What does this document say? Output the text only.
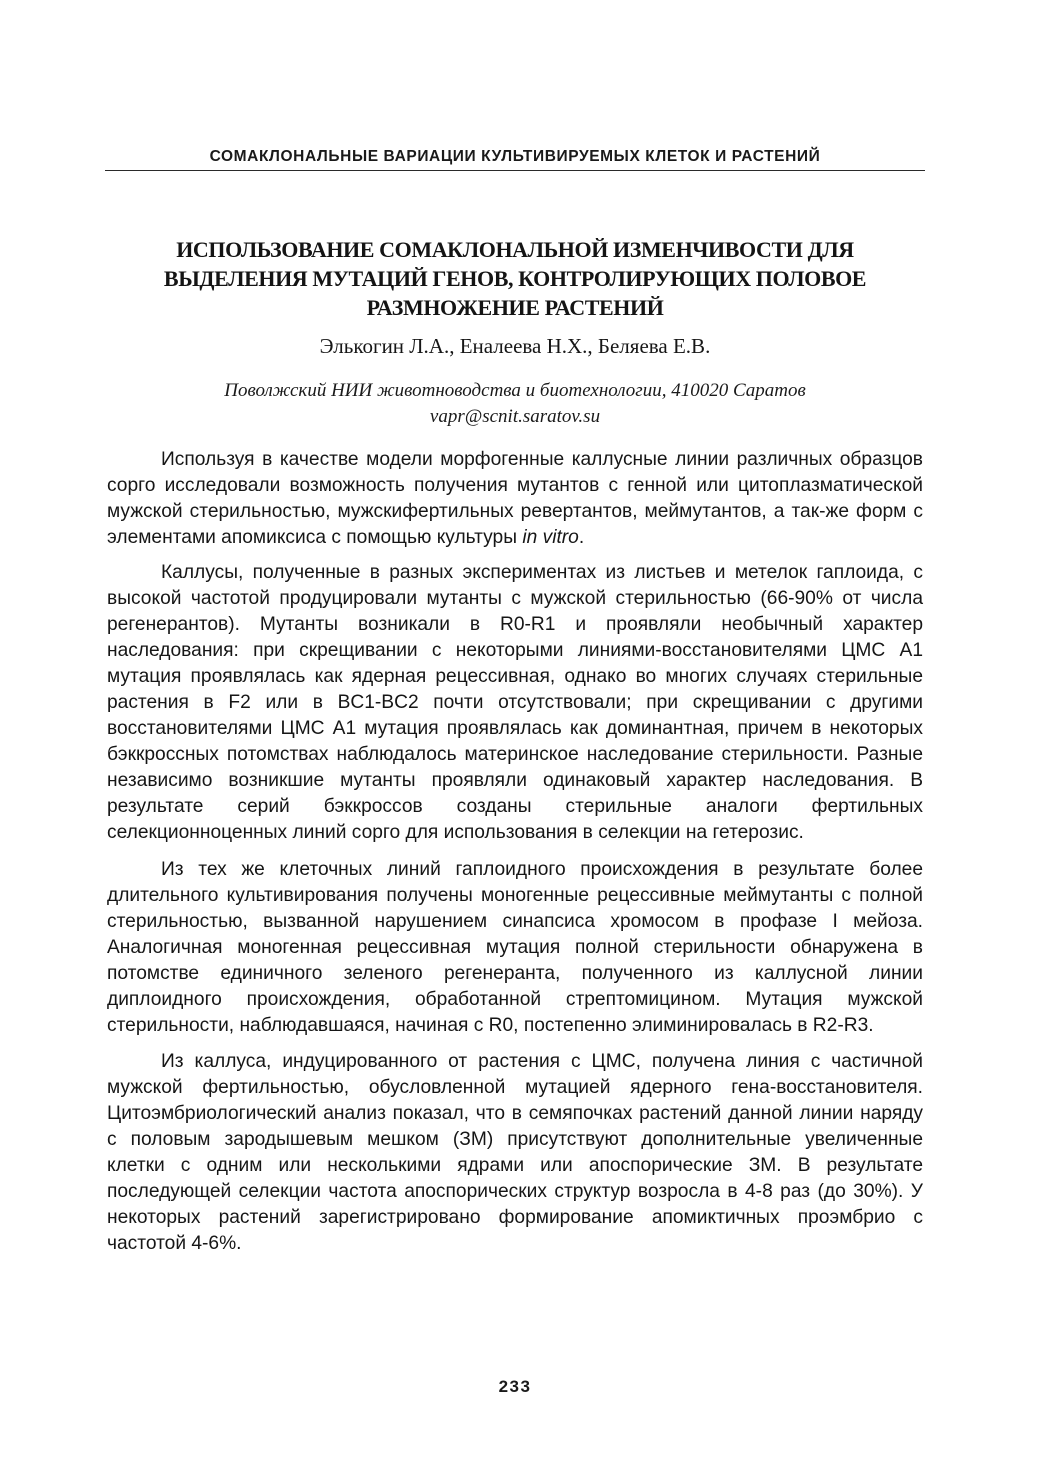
СОМАКЛОНАЛЬНЫЕ ВАРИАЦИИ КУЛЬТИВИРУЕМЫХ КЛЕТОК И РАСТЕНИЙ
ИСПОЛЬЗОВАНИЕ СОМАКЛОНАЛЬНОЙ ИЗМЕНЧИВОСТИ ДЛЯ
ВЫДЕЛЕНИЯ МУТАЦИЙ ГЕНОВ, КОНТРОЛИРУЮЩИХ ПОЛОВОЕ
РАЗМНОЖЕНИЕ РАСТЕНИЙ
Элькогин Л.А., Еналеева Н.Х., Беляева Е.В.
Поволжский НИИ животноводства и биотехнологии, 410020 Саратов
vapr@scnit.saratov.su

Используя в качестве модели морфогенные каллусные линии различных образцов сорго исследовали возможность получения мутантов с генной или цитоплазматической мужской стерильностью, мужскифертильных ревертантов, меймутантов, а так-же форм с элементами апомиксиса с помощью культуры in vitro.

Каллусы, полученные в разных экспериментах из листьев и метелок гаплоида, с высокой частотой продуцировали мутанты с мужской стерильностью (66-90% от числа регенерантов). Мутанты возникали в R0-R1 и проявляли необычный характер наследования: при скрещивании с некоторыми линиями-восстановителями ЦМС А1 мутация проявлялась как ядерная рецессивная, однако во многих случаях стерильные растения в F2 или в BC1-BC2 почти отсутствовали; при скрещивании с другими восстановителями ЦМС А1 мутация проявлялась как доминантная, причем в некоторых бэккроссных потомствах наблюдалось материнское наследование стерильности. Разные независимо возникшие мутанты проявляли одинаковый характер наследования. В результате серий бэккроссов созданы стерильные аналоги фертильных селекционноценных линий сорго для использования в селекции на гетерозис.

Из тех же клеточных линий гаплоидного происхождения в результате более длительного культивирования получены моногенные рецессивные меймутанты с полной стерильностью, вызванной нарушением синапсиса хромосом в профазе I мейоза. Аналогичная моногенная рецессивная мутация полной стерильности обнаружена в потомстве единичного зеленого регенеранта, полученного из каллусной линии диплоидного происхождения, обработанной стрептомицином. Мутация мужской стерильности, наблюдавшаяся, начиная с R0, постепенно элиминировалась в R2-R3.

Из каллуса, индуцированного от растения с ЦМС, получена линия с частичной мужской фертильностью, обусловленной мутацией ядерного гена-восстановителя. Цитоэмбриологический анализ показал, что в семяпочках растений данной линии наряду с половым зародышевым мешком (ЗМ) присутствуют дополнительные увеличенные клетки с одним или несколькими ядрами или апоспорические ЗМ. В результате последующей селекции частота апоспорических структур возросла в 4-8 раз (до 30%). У некоторых растений зарегистрировано формирование апомиктичных проэмбрио с частотой 4-6%.

233
